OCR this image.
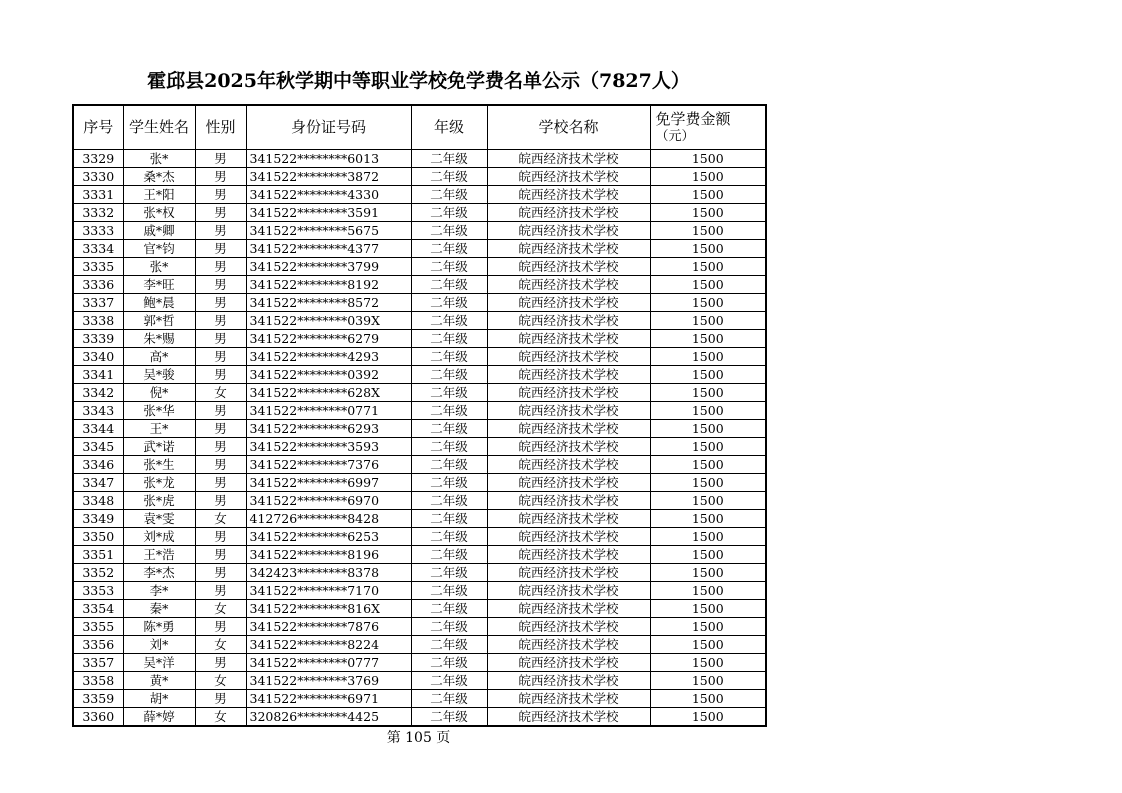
霍邱县2025年秋学期中等职业学校免学费名单公示（7827人）
序号	学生姓名	性别	身份证号码	年级	学校名称	免学费金额
（元）

3329	张*	男	341522********6013	二年级	皖西经济技术学校	1500
3330	桑*杰	男	341522********3872	二年级	皖西经济技术学校	1500
3331	王*阳	男	341522********4330	二年级	皖西经济技术学校	1500
3332	张*权	男	341522********3591	二年级	皖西经济技术学校	1500
3333	戚*卿	男	341522********5675	二年级	皖西经济技术学校	1500
3334	官*钧	男	341522********4377	二年级	皖西经济技术学校	1500
3335	张*	男	341522********3799	二年级	皖西经济技术学校	1500
3336	李*旺	男	341522********8192	二年级	皖西经济技术学校	1500
3337	鲍*晨	男	341522********8572	二年级	皖西经济技术学校	1500
3338	郭*哲	男	341522********039X	二年级	皖西经济技术学校	1500
3339	朱*赐	男	341522********6279	二年级	皖西经济技术学校	1500
3340	高*	男	341522********4293	二年级	皖西经济技术学校	1500
3341	吴*骏	男	341522********0392	二年级	皖西经济技术学校	1500
3342	倪*	女	341522********628X	二年级	皖西经济技术学校	1500
3343	张*华	男	341522********0771	二年级	皖西经济技术学校	1500
3344	王*	男	341522********6293	二年级	皖西经济技术学校	1500
3345	武*诺	男	341522********3593	二年级	皖西经济技术学校	1500
3346	张*生	男	341522********7376	二年级	皖西经济技术学校	1500
3347	张*龙	男	341522********6997	二年级	皖西经济技术学校	1500
3348	张*虎	男	341522********6970	二年级	皖西经济技术学校	1500
3349	袁*雯	女	412726********8428	二年级	皖西经济技术学校	1500
3350	刘*成	男	341522********6253	二年级	皖西经济技术学校	1500
3351	王*浩	男	341522********8196	二年级	皖西经济技术学校	1500
3352	李*杰	男	342423********8378	二年级	皖西经济技术学校	1500
3353	李*	男	341522********7170	二年级	皖西经济技术学校	1500
3354	秦*	女	341522********816X	二年级	皖西经济技术学校	1500
3355	陈*勇	男	341522********7876	二年级	皖西经济技术学校	1500
3356	刘*	女	341522********8224	二年级	皖西经济技术学校	1500
3357	吴*洋	男	341522********0777	二年级	皖西经济技术学校	1500
3358	黄*	女	341522********3769	二年级	皖西经济技术学校	1500
3359	胡*	男	341522********6971	二年级	皖西经济技术学校	1500
3360	薛*婷	女	320826********4425	二年级	皖西经济技术学校	1500
第 105 页
